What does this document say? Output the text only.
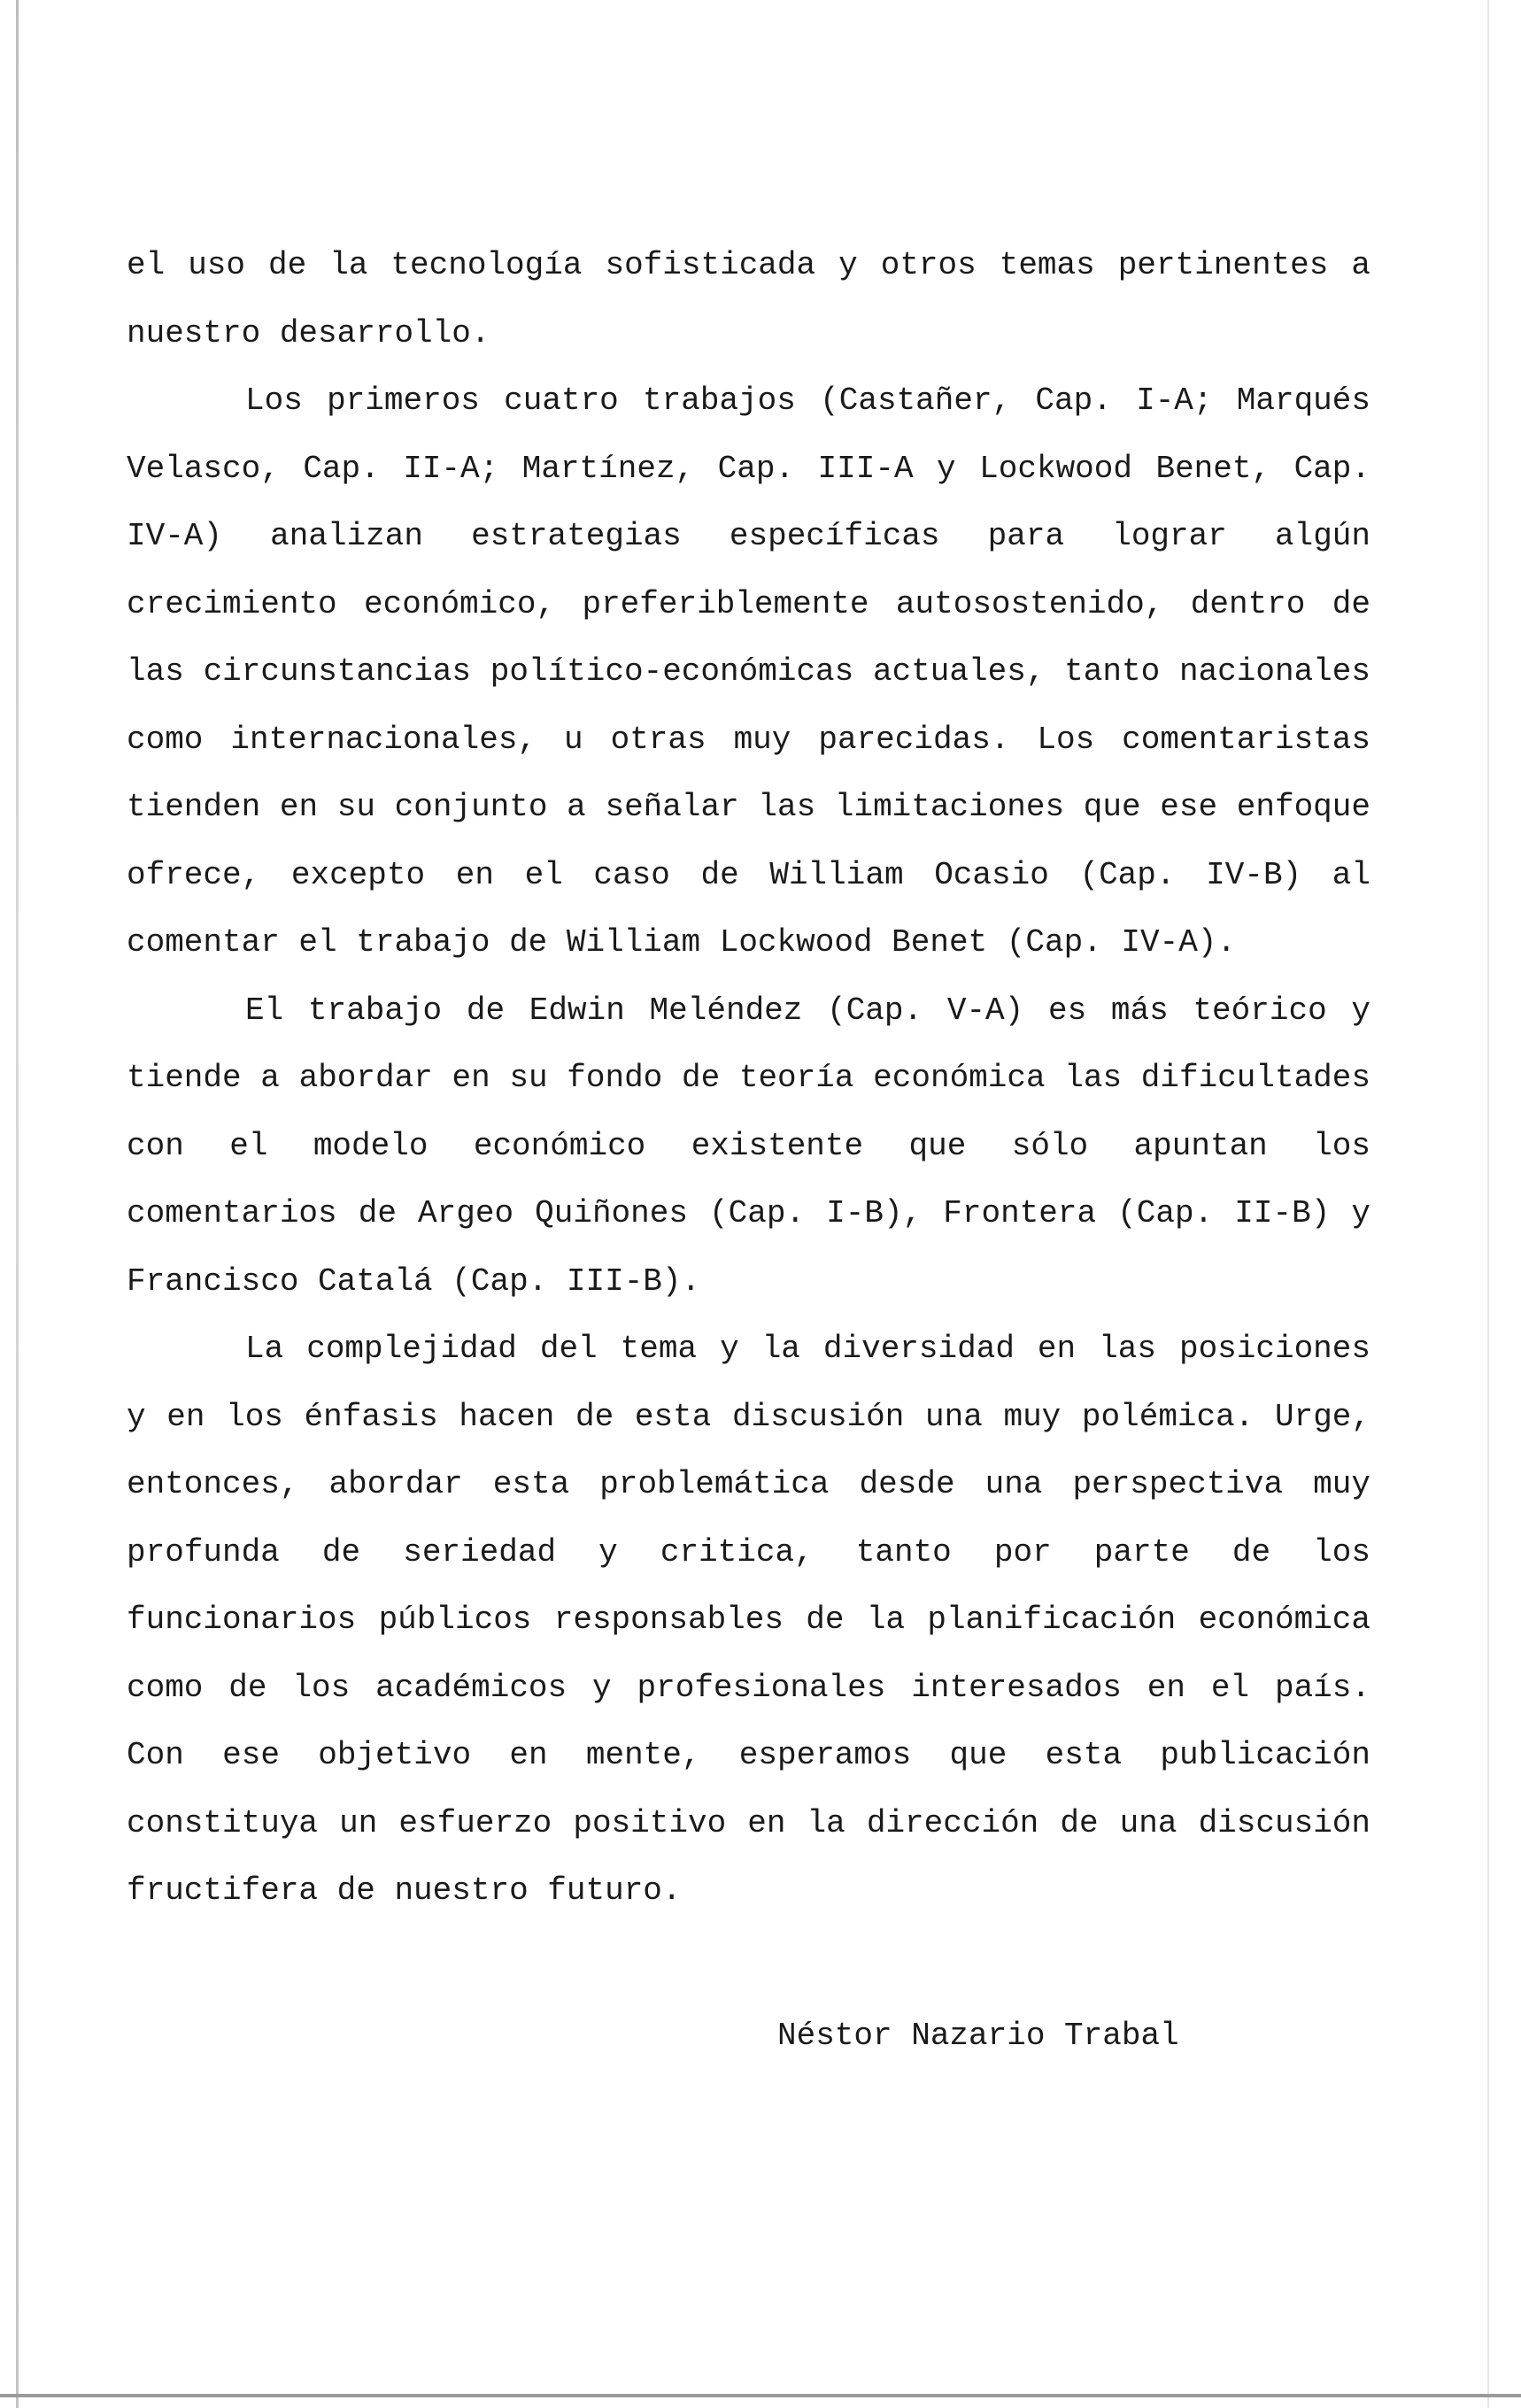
el uso de la tecnología sofisticada y otros temas pertinentes a nuestro desarrollo.

Los primeros cuatro trabajos (Castañer, Cap. I-A; Marqués Velasco, Cap. II-A; Martínez, Cap. III-A y Lockwood Benet, Cap. IV-A) analizan estrategias específicas para lograr algún crecimiento económico, preferiblemente autosostenido, dentro de las circunstancias político-económicas actuales, tanto nacionales como internacionales, u otras muy parecidas. Los comentaristas tienden en su conjunto a señalar las limitaciones que ese enfoque ofrece, excepto en el caso de William Ocasio (Cap. IV-B) al comentar el trabajo de William Lockwood Benet (Cap. IV-A).

El trabajo de Edwin Meléndez (Cap. V-A) es más teórico y tiende a abordar en su fondo de teoría económica las dificultades con el modelo económico existente que sólo apuntan los comentarios de Argeo Quiñones (Cap. I-B), Frontera (Cap. II-B) y Francisco Catalá (Cap. III-B).

La complejidad del tema y la diversidad en las posiciones y en los énfasis hacen de esta discusión una muy polémica. Urge, entonces, abordar esta problemática desde una perspectiva muy profunda de seriedad y critica, tanto por parte de los funcionarios públicos responsables de la planificación económica como de los académicos y profesionales interesados en el país. Con ese objetivo en mente, esperamos que esta publicación constituya un esfuerzo positivo en la dirección de una discusión fructifera de nuestro futuro.

Néstor Nazario Trabal
